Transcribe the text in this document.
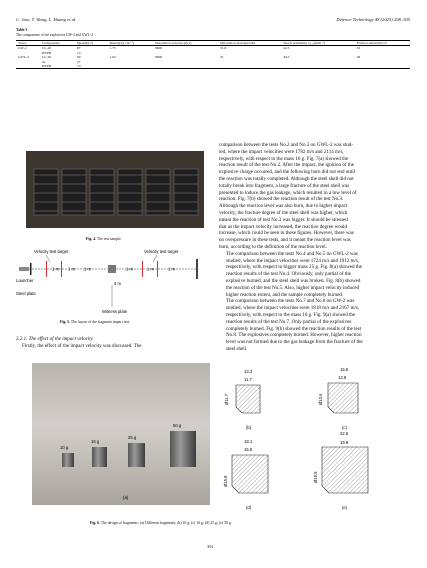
C. Jiao, T. Wang, L. Huang et al.	Defence Technology 48 (2025) 298–305
Table 3
The components of the explosives GW-2 and GWL-2.
Types	Components	Quantity/%	Density/(g·cm⁻³)	Detonation velocity/(m·s)	Detonation pressure/GPa	Shock sensitivity G₅₀/(mm⁻¹)	Friction sensitivity/%
GW-2	CL-20	87	1.75	8600	31.6	42.5	32
	HTPB	13					
GWL-2	CL-20	60	1.94	8000	31	34.5	28
	Al	27					
	HTPB	13					
Fig. 4. The test sample.
Velocity test target	Velocity test target
Launcher
Steel plate
4 m
Witness plate
1 m 1 m 1 m	1 m	1 m	1 m
Fig. 5. The layout of the fragment impact test.
3.2.1. The effect of the impact velocity
Firstly, the effect of the impact velocity was discussed. The
comparison between the tests No.2 and No.3 on GWL-2 was stud-
ied, where the impact velocities were 1782 m/s and 2114 m/s,
respectively, with respect to the mass 16 g. Fig. 7(a) showed the
reaction result of the test No.2. After the impact, the ignition of the
explosive charge occurred, and the following burn did not end until
the reaction was totally completed. Although the steel shell did not
totally break into fragment, a large fracture of the steel shell was
presented to induce the gas leakage, which resulted in a low level of
reaction. Fig. 7(b) showed the reaction result of the test No.3.
Although the reaction level was also burn, due to higher impact
velocity, the fracture degree of the steel shell was higher, which
meant the reaction of test No.3 was bigger. It should be stressed
that as the impact velocity increased, the reaction degree would
increase, which could be seen in these figures. However, there was
no overpressure in these tests, and it meant the reaction level was
burn, according to the definition of the reaction level.
The comparison between the tests No.4 and No.5 on GWL-2 was
studied, where the impact velocities were 1724 m/s and 1912 m/s,
respectively, with respect to bigger mass 25 g. Fig. 8(a) showed the
reaction results of the test No.4. Obviously, only partial of the
explosive burned, and the steel shell was broken. Fig. 8(b) showed
the reaction of the test No.5. Also, higher impact velocity induced
higher reaction extent, and the sample completely burned.
The comparison between the tests No.7 and No.8 on GW-2 was
studied, where the impact velocities were 1818 m/s and 2167 m/s,
respectively, with respect to the mass 16 g. Fig. 9(a) showed the
reaction results of the test No.7. Only partial of the explosives
completely burned. Fig. 9(b) showed the reaction results of the test
No.8. The explosives completely burned. However, higher reaction
level was not formed due to the gas leakage from the fracture of the
steel shell.
10 g
16 g
25 g
50 g
(a)
13.3
11.7
Ø11.7
(b)
15.6
13.6
Ø13.6
(c)
18.1
15.8
Ø15.8
(d)
22.8
19.9
Ø19.9
(e)
Fig. 6. The design of fragments: (a) Different fragments; (b) 10 g; (c) 16 g; (d) 25 g; (e) 50 g.
301
